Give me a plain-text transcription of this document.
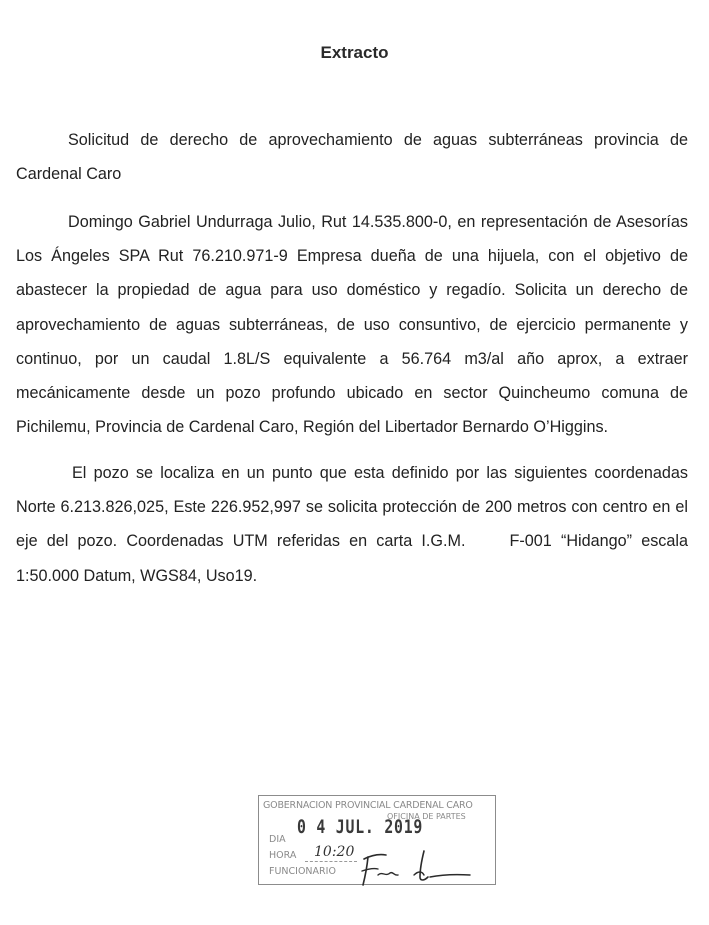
Extracto

Solicitud de derecho de aprovechamiento de aguas subterráneas provincia de Cardenal Caro

Domingo Gabriel Undurraga Julio, Rut 14.535.800-0, en representación de Asesorías Los Ángeles SPA Rut 76.210.971-9 Empresa dueña de una hijuela, con el objetivo de abastecer la propiedad de agua para uso doméstico y regadío. Solicita un derecho de aprovechamiento de aguas subterráneas, de uso consuntivo, de ejercicio permanente y continuo, por un caudal 1.8L/S equivalente a 56.764 m3/al año aprox, a extraer mecánicamente desde un pozo profundo ubicado en sector Quincheumo comuna de Pichilemu, Provincia de Cardenal Caro, Región del Libertador Bernardo O’Higgins.

El pozo se localiza en un punto que esta definido por las siguientes coordenadas Norte 6.213.826,025, Este 226.952,997 se solicita protección de 200 metros con centro en el eje del pozo. Coordenadas UTM referidas en carta I.G.M.	F-001 “Hidango” escala 1:50.000 Datum, WGS84, Uso19.

GOBERNACION PROVINCIAL CARDENAL CARO
OFICINA DE PARTES
DIA
0 4 JUL. 2019
HORA 10:20
FUNCIONARIO
